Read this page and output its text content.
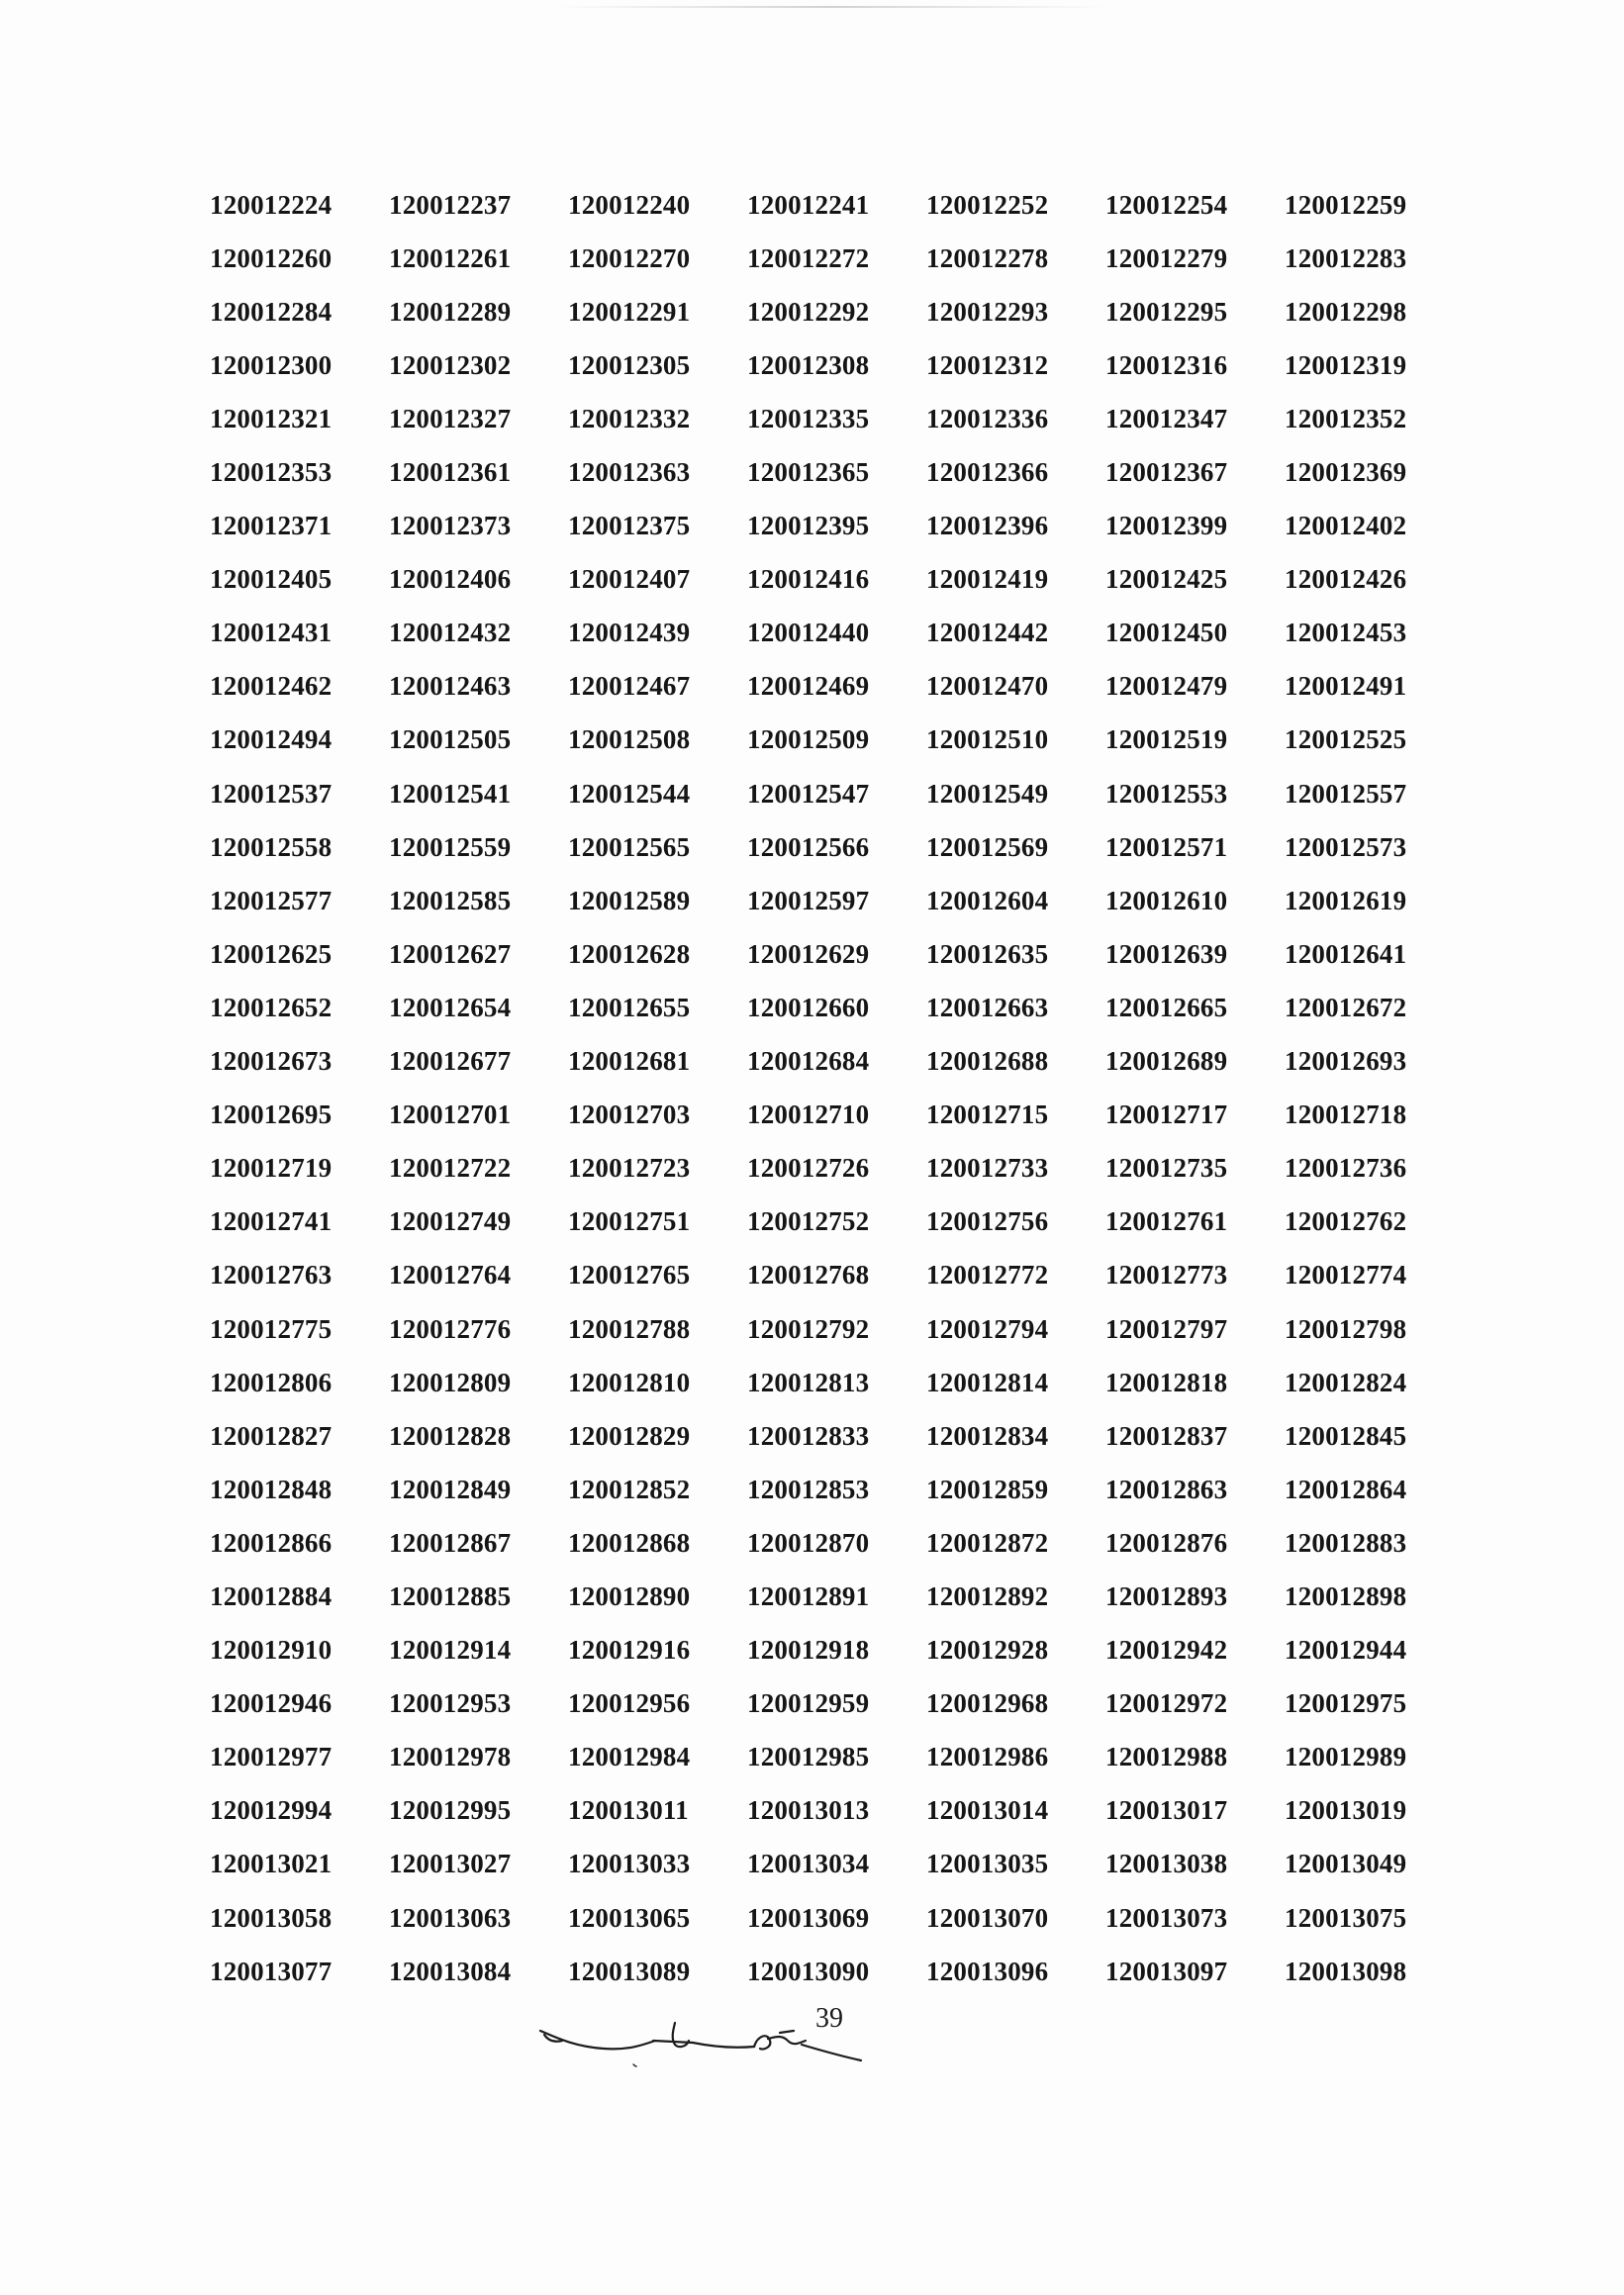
120012224	120012237	120012240	120012241	120012252	120012254	120012259
120012260	120012261	120012270	120012272	120012278	120012279	120012283
120012284	120012289	120012291	120012292	120012293	120012295	120012298
120012300	120012302	120012305	120012308	120012312	120012316	120012319
120012321	120012327	120012332	120012335	120012336	120012347	120012352
120012353	120012361	120012363	120012365	120012366	120012367	120012369
120012371	120012373	120012375	120012395	120012396	120012399	120012402
120012405	120012406	120012407	120012416	120012419	120012425	120012426
120012431	120012432	120012439	120012440	120012442	120012450	120012453
120012462	120012463	120012467	120012469	120012470	120012479	120012491
120012494	120012505	120012508	120012509	120012510	120012519	120012525
120012537	120012541	120012544	120012547	120012549	120012553	120012557
120012558	120012559	120012565	120012566	120012569	120012571	120012573
120012577	120012585	120012589	120012597	120012604	120012610	120012619
120012625	120012627	120012628	120012629	120012635	120012639	120012641
120012652	120012654	120012655	120012660	120012663	120012665	120012672
120012673	120012677	120012681	120012684	120012688	120012689	120012693
120012695	120012701	120012703	120012710	120012715	120012717	120012718
120012719	120012722	120012723	120012726	120012733	120012735	120012736
120012741	120012749	120012751	120012752	120012756	120012761	120012762
120012763	120012764	120012765	120012768	120012772	120012773	120012774
120012775	120012776	120012788	120012792	120012794	120012797	120012798
120012806	120012809	120012810	120012813	120012814	120012818	120012824
120012827	120012828	120012829	120012833	120012834	120012837	120012845
120012848	120012849	120012852	120012853	120012859	120012863	120012864
120012866	120012867	120012868	120012870	120012872	120012876	120012883
120012884	120012885	120012890	120012891	120012892	120012893	120012898
120012910	120012914	120012916	120012918	120012928	120012942	120012944
120012946	120012953	120012956	120012959	120012968	120012972	120012975
120012977	120012978	120012984	120012985	120012986	120012988	120012989
120012994	120012995	120013011	120013013	120013014	120013017	120013019
120013021	120013027	120013033	120013034	120013035	120013038	120013049
120013058	120013063	120013065	120013069	120013070	120013073	120013075
120013077	120013084	120013089	120013090	120013096	120013097	120013098
39
